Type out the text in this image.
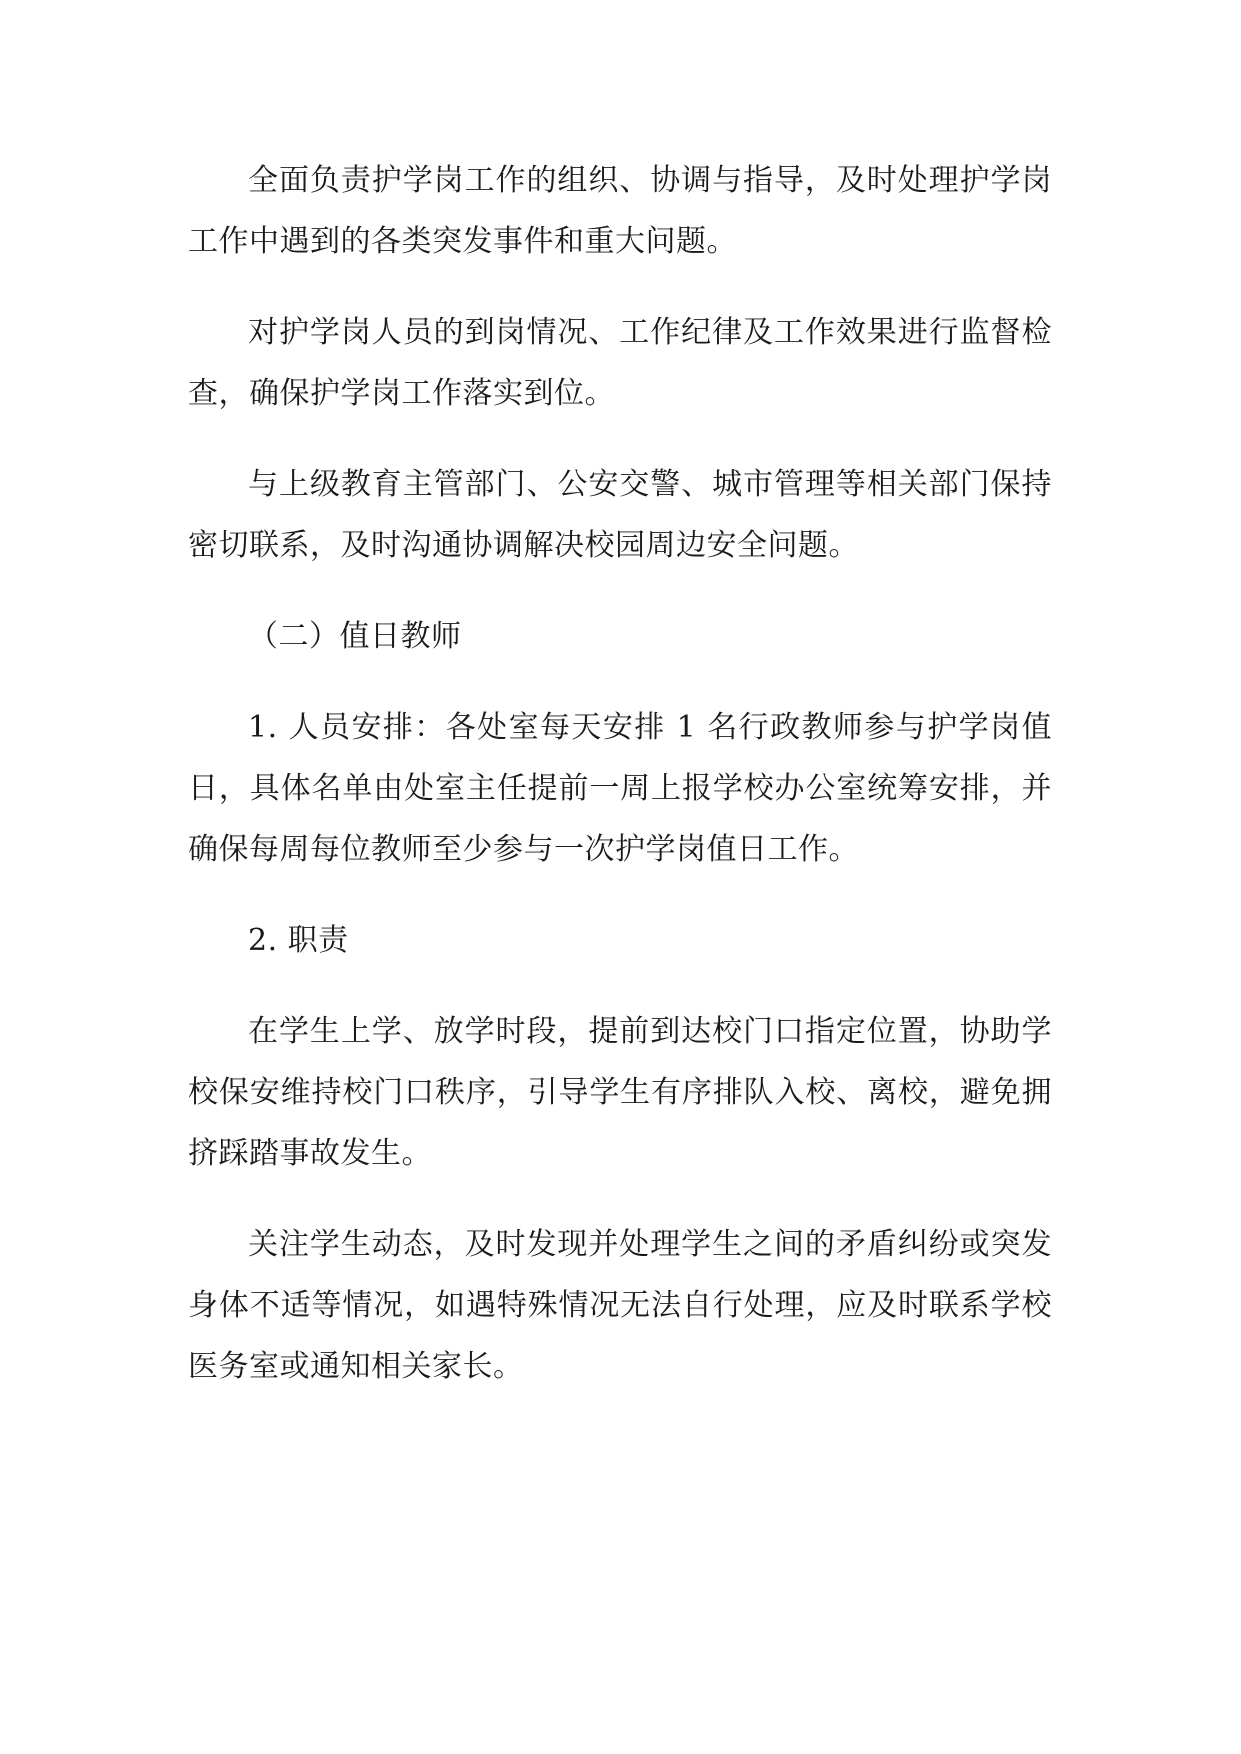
全面负责护学岗工作的组织、协调与指导，及时处理护学岗工作中遇到的各类突发事件和重大问题。

对护学岗人员的到岗情况、工作纪律及工作效果进行监督检查，确保护学岗工作落实到位。

与上级教育主管部门、公安交警、城市管理等相关部门保持密切联系，及时沟通协调解决校园周边安全问题。

（二）值日教师

1. 人员安排：各处室每天安排 1 名行政教师参与护学岗值日，具体名单由处室主任提前一周上报学校办公室统筹安排，并确保每周每位教师至少参与一次护学岗值日工作。

2. 职责

在学生上学、放学时段，提前到达校门口指定位置，协助学校保安维持校门口秩序，引导学生有序排队入校、离校，避免拥挤踩踏事故发生。

关注学生动态，及时发现并处理学生之间的矛盾纠纷或突发身体不适等情况，如遇特殊情况无法自行处理，应及时联系学校医务室或通知相关家长。
